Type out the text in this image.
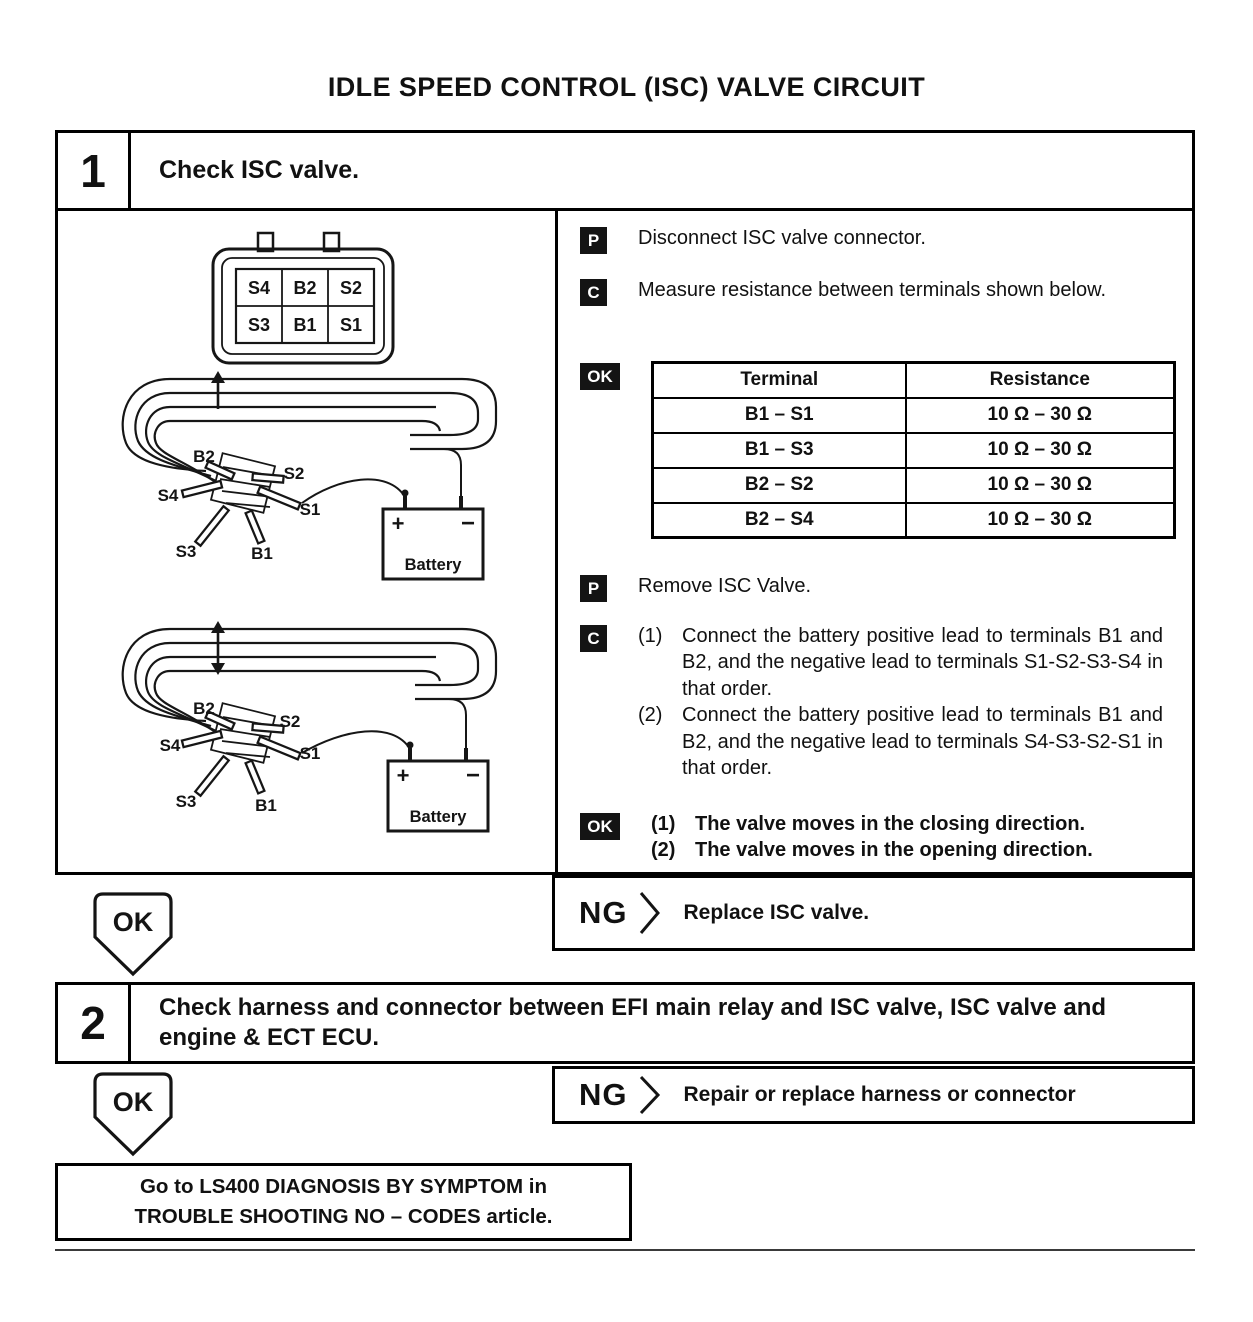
IDLE SPEED CONTROL (ISC) VALVE CIRCUIT
1	Check ISC valve.
S4 B2 S2
S3 B1 S1
B2
S2
S4
S1
S3	B1
+ −
Battery
B2
S2
S4	S1
S3	B1
+ −
Battery
P	Disconnect ISC valve connector.
C	Measure resistance between terminals shown below.
OK	Terminal	Resistance
B1 – S1	10 Ω – 30 Ω
B1 – S3	10 Ω – 30 Ω
B2 – S2	10 Ω – 30 Ω
B2 – S4	10 Ω – 30 Ω
P	Remove ISC Valve.
C	(1) Connect the battery positive lead to terminals B1 and B2, and the negative lead to terminals S1-S2-S3-S4 in that order.
(2) Connect the battery positive lead to terminals B1 and B2, and the negative lead to terminals S4-S3-S2-S1 in that order.
OK	(1) The valve moves in the closing direction.
(2) The valve moves in the opening direction.
NG	Replace ISC valve.
OK
2	Check harness and connector between EFI main relay and ISC valve, ISC valve and engine & ECT ECU.
OK	NG	Repair or replace harness or connector
Go to LS400 DIAGNOSIS BY SYMPTOM in
TROUBLE SHOOTING NO – CODES article.
